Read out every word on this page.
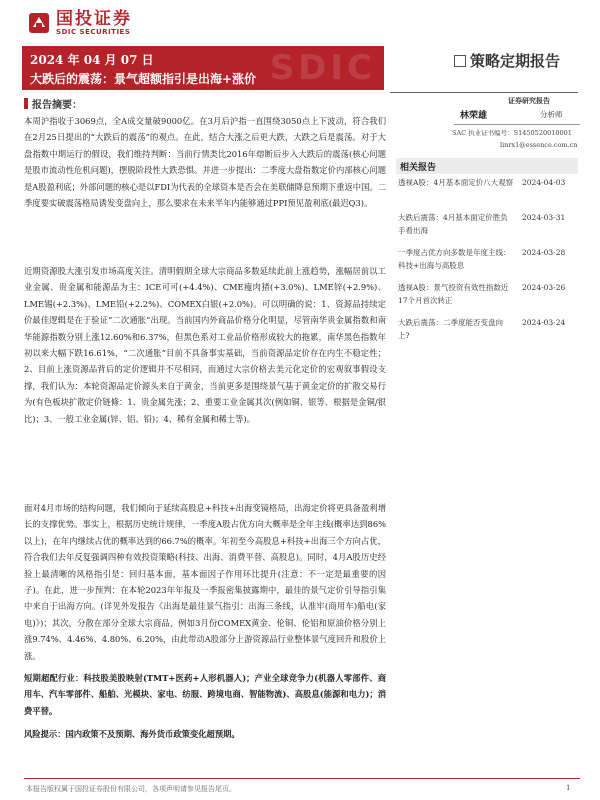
国投证券
SDIC SECURITIES
SDIC
2024 年 04 月 07 日
大跌后的震荡：景气超额指引是出海+涨价
策略定期报告
证券研究报告
报告摘要：
本周沪指收于3069点，全A成交量破9000亿。在3月后沪指一直围绕3050点上下波动，符合我们在2月25日提出的“大跌后的震荡”的观点。在此，结合大涨之后更大跌，大跌之后是震荡。对于大盘指数中期运行的假设，我们维持判断：当前行情类比2016年熔断后步入大跌后的震荡(核心问题是股市流动性危机问题)，摆脱阶段性大跌恐惧。并进一步提出：二季度大盘指数定价内部核心问题是A股盈利底；外部问题的核心是以FDI为代表的全球资本是否会在美联储降息预期下重返中国。二季度要实破震荡格局诱发变盘向上，那么要求在未来半年内能够通过PPI预见盈利底(最迟Q3)。
近期资源股大涨引发市场高度关注。清明假期全球大宗商品多数延续此前上涨趋势，涨幅居前以工业金属、贵金属和能源品为主：ICE可可(+4.4%)、CME瘦肉猪(+3.0%)、LME锌(+2.9%)、LME锡(+2.3%)、LME铅(+2.2%)、COMEX白银(+2.0%)。可以明确的说：1、资源品持续定价最佳逻辑是在于验证“二次通胀”出现。当前国内外商品价格分化明显，尽管南华贵金属指数和南华能源指数分别上涨12.60%和6.37%，但黑色系对工业品价格形成较大的拖累，南华黑色指数年初以来大幅下跌16.61%，“二次通胀”目前不具备事实基础，当前资源品定价存在内生不稳定性；2、目前上涨资源品背后的定价逻辑并不尽相同，而通过大宗价格去美元化定价的宏观叙事假设支撑，我们认为：本轮资源品定价源头来自于黄金，当前更多是围绕景气基于黄金定价的扩散交易行为(有色板块扩散定价链條：1、贵金属先涨；2、重要工业金属其次(例如铜、银等、根据是金铜/银比)；3、一般工业金属(锌、铝、铅)；4、稀有金属和稀土等)。
面对4月市场的结构问题，我们倾向于延续高股息+科技+出海变镜格局，出海定价将更具备盈利增长的支撑优势。事实上，根据历史统计规律，一季度A股占优方向大概率是全年主线(概率达到86%以上)，在年内继续占优的概率达到的66.7%的概率。年初至今高股息+科技+出海三个方向占优，符合我们去年反复强调四种有效投资策略(科技、出海、消费平替、高股息)。同时，4月A股历史经验上最清晰的风格指引是：回归基本面，基本面因子作用环比提升(注意：不一定是最重要的因子)。在此，进一步预判：在本轮2023年年报及一季报密集披露期中，最佳的景气定价引导指引集中来自于出海方向。(详见外发报告《出海是最佳景气指引：出海三条线，认准牢(商用车)船电(家电)》)；其次，分散在部分全球大宗商品，例如3月份COMEX黄金、伦铜、伦铝和原油价格分别上涨9.74%、4.46%、4.80%、6.20%，由此带动A股部分上游资源品行业整体景气度回升和股价上涨。
短期超配行业：科技股美股映射(TMT+医药+人形机器人)；产业全球竞争力(机器人零部件、商用车、汽车零部件、船舶、光模块、家电、纺服、跨境电商、智能物流)、高股息(能源和电力)；消费平替。
风险提示：国内政策不及预期、海外货币政策变化超预期。
林荣雄	分析师
SAC 执业证书编号：S1450520010001
linrx1@essence.com.cn
相关报告
透视A股：4月基本面定价八大观察 2024-04-03
大跌后震荡：4月基本面定价胜负手看出海
2024-03-31
一季度占优方向多数是年度主线：科技+出海与高股息
2024-03-28
透视A股：景气投资有效性指数近17个月首次转正
2024-03-26
大跌后震荡：二季度能否变盘向上?
2024-03-24
本报告版权属于国投证券股份有限公司，各项声明请参见报告尾页。	1
